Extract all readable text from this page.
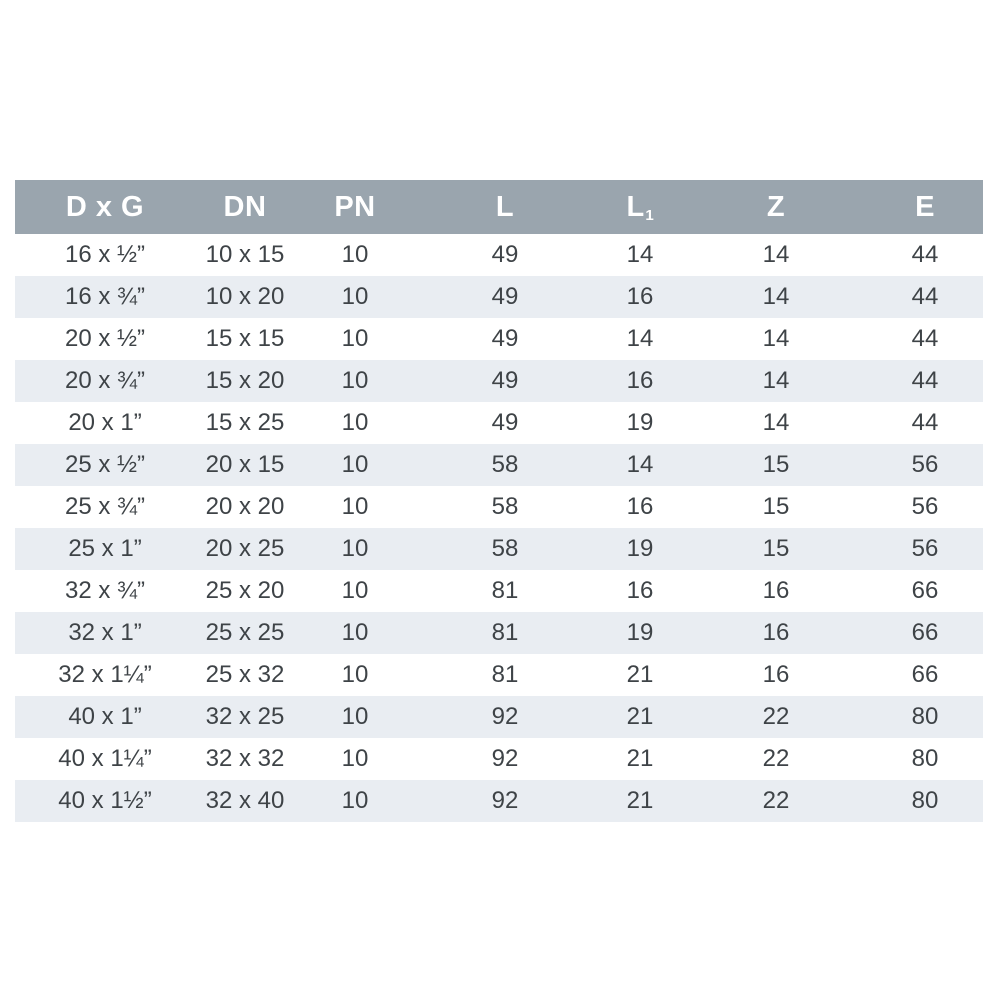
D x G	DN	PN	L	$L_1$	Z	E
16 x ½”	10 x 15	10	49	14	14	44
16 x ¾”	10 x 20	10	49	16	14	44
20 x ½”	15 x 15	10	49	14	14	44
20 x ¾”	15 x 20	10	49	16	14	44
20 x 1”	15 x 25	10	49	19	14	44
25 x ½”	20 x 15	10	58	14	15	56
25 x ¾”	20 x 20	10	58	16	15	56
25 x 1”	20 x 25	10	58	19	15	56
32 x ¾”	25 x 20	10	81	16	16	66
32 x 1”	25 x 25	10	81	19	16	66
32 x 1¼”	25 x 32	10	81	21	16	66
40 x 1”	32 x 25	10	92	21	22	80
40 x 1¼”	32 x 32	10	92	21	22	80
40 x 1½”	32 x 40	10	92	21	22	80
